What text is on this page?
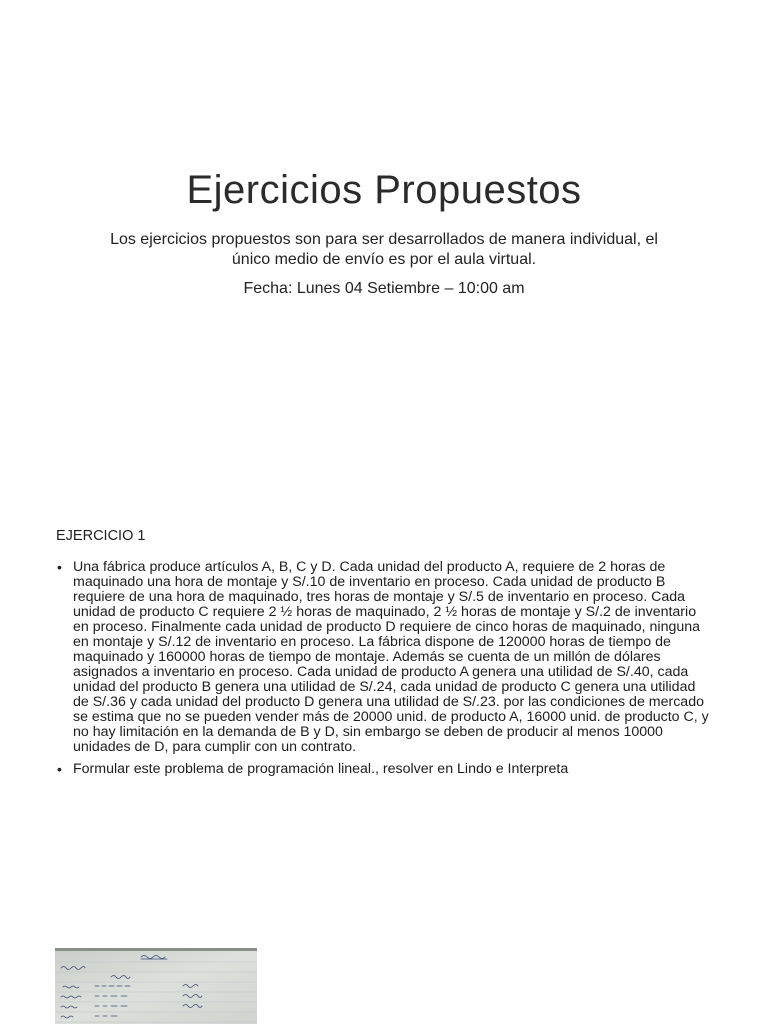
Ejercicios Propuestos

Los ejercicios propuestos son para ser desarrollados de manera individual, el único medio de envío es por el aula virtual.

Fecha: Lunes 04 Setiembre – 10:00 am

EJERCICIO 1

• Una fábrica produce artículos A, B, C y D. Cada unidad del producto A, requiere de 2 horas de maquinado una hora de montaje y S/.10 de inventario en proceso. Cada unidad de producto B requiere de una hora de maquinado, tres horas de montaje y S/.5 de inventario en proceso. Cada unidad de producto C requiere 2 ½ horas de maquinado, 2 ½ horas de montaje y S/.2 de inventario en proceso. Finalmente cada unidad de producto D requiere de cinco horas de maquinado, ninguna en montaje y S/.12 de inventario en proceso. La fábrica dispone de 120000 horas de tiempo de maquinado y 160000 horas de tiempo de montaje. Además se cuenta de un millón de dólares asignados a inventario en proceso. Cada unidad de producto A genera una utilidad de S/.40, cada unidad del producto B genera una utilidad de S/.24, cada unidad de producto C genera una utilidad de S/.36 y cada unidad del producto D genera una utilidad de S/.23. por las condiciones de mercado se estima que no se pueden vender más de 20000 unid. de producto A, 16000 unid. de producto C, y no hay limitación en la demanda de B y D, sin embargo se deben de producir al menos 10000 unidades de D, para cumplir con un contrato.
• Formular este problema de programación lineal., resolver en Lindo e Interpreta
